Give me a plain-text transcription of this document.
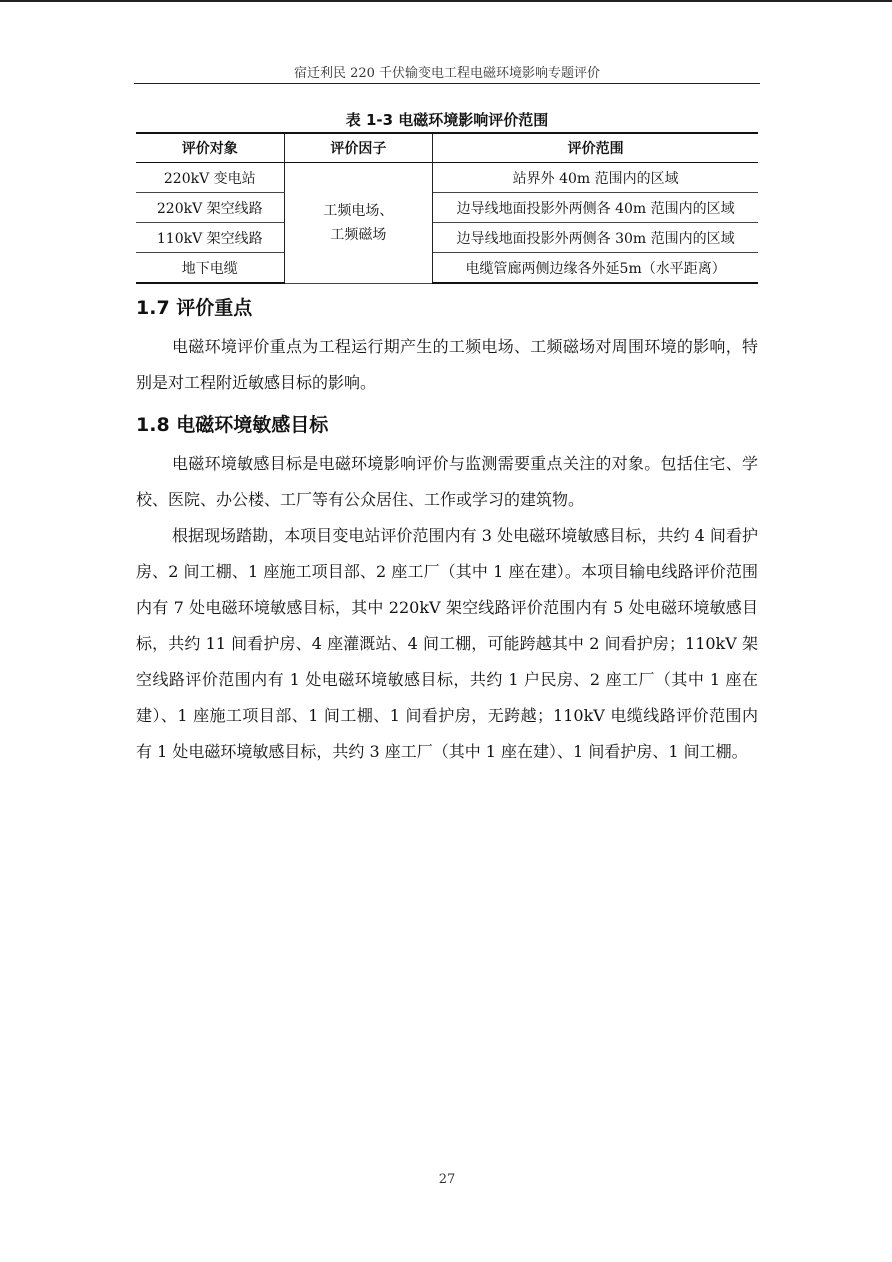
宿迁利民 220 千伏输变电工程电磁环境影响专题评价
表 1-3 电磁环境影响评价范围
评价对象	评价因子	评价范围
220kV 变电站	工频电场、工频磁场	站界外 40m 范围内的区域
220kV 架空线路		边导线地面投影外两侧各 40m 范围内的区域
110kV 架空线路		边导线地面投影外两侧各 30m 范围内的区域
地下电缆		电缆管廊两侧边缘各外延5m（水平距离）
1.7 评价重点

电磁环境评价重点为工程运行期产生的工频电场、工频磁场对周围环境的影响，特别是对工程附近敏感目标的影响。

1.8 电磁环境敏感目标

电磁环境敏感目标是电磁环境影响评价与监测需要重点关注的对象。包括住宅、学校、医院、办公楼、工厂等有公众居住、工作或学习的建筑物。

根据现场踏勘，本项目变电站评价范围内有 3 处电磁环境敏感目标，共约 4 间看护房、2 间工棚、1 座施工项目部、2 座工厂（其中 1 座在建）。本项目输电线路评价范围内有 7 处电磁环境敏感目标，其中 220kV 架空线路评价范围内有 5 处电磁环境敏感目标，共约 11 间看护房、4 座灌溉站、4 间工棚，可能跨越其中 2 间看护房；110kV 架空线路评价范围内有 1 处电磁环境敏感目标，共约 1 户民房、2 座工厂（其中 1 座在建）、1 座施工项目部、1 间工棚、1 间看护房，无跨越；110kV 电缆线路评价范围内有 1 处电磁环境敏感目标，共约 3 座工厂（其中 1 座在建）、1 间看护房、1 间工棚。

27
